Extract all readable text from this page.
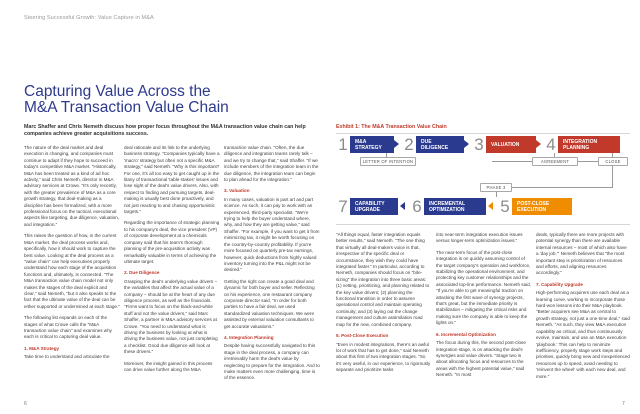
Steering Successful Growth: Value Capture in M&A
Capturing Value Across the
M&A Transaction Value Chain
Marc Shaffer and Chris Nemeth discuss how proper focus throughout the M&A transaction value chain can help companies achieve greater acquisitions success.

The nature of the deal market and deal execution is changing, and companies must continue to adapt if they hope to succeed in today's competitive M&A market. "Historically, M&A has been treated as a kind of ad hoc activity," said Chris Nemeth, director in M&A advisory services at Crowe. "It's only recently, with the greater prevalence of M&A as a core growth strategy, that deal-making as a discipline has been formalized, with a more professional focus on the tactical, executional aspects like targeting, due diligence, valuation, and integration."

This raises the question of how, in the current M&A market, the deal process works and, specifically, how it should work to capture the best value. Looking at the deal process as a "value chain" can help executives properly understand how each stage of the acquisition functions and, ultimately, is connected. "The M&A transaction value chain model not only makes the stages of the deal explicit and clear," said Nemeth, "but it also speaks to the fact that the ultimate value of the deal can be either supported or undermined at each stage."

The following list expands on each of the stages of what Crowe calls the "M&A transaction value chain" and examines why each is critical to capturing deal value.

1. M&A Strategy

Take time to understand and articulate the

deal rationale and its link to the underlying business strategy. "Companies typically have a 'macro' strategy but often not a specific M&A strategy," said Nemeth. "Why is this important? For one, it's all too easy to get caught up in the litany of transactional 'table stakes' issues and lose sight of the deal's value drivers. Also, with respect to finding and pursuing targets, deal-making is usually best done proactively, and not just reacting to and chasing opportunistic targets."

Regarding the importance of strategic planning to his company's deal, the vice president (VP) of corporate development at a chemicals company said that his team's thorough planning of the pre-acquisition activity was remarkably valuable in terms of achieving the ultimate target.

2. Due Diligence

Grasping the deal's underlying value drivers – the variables that affect the actual value of a company – should be at the heart of any due diligence process, as well as the financials. "Firms want to focus on the black-and-white stuff and not the value drivers," said Marc Shaffer, a partner in M&A advisory services at Crowe. "You need to understand what is driving the business by looking at what is driving the business value, not just completing a checklist. Good due diligence will look at these drivers."

Moreover, the insight gained in this process can drive value further along the M&A

transaction value chain. "Often, the due diligence and integration teams rarely talk – and we try to change that," said Shaffer. "If we include members of the integration team in the due diligence, the integration team can begin to plan ahead for the integration."

3. Valuation

In many cases, valuation is part art and part science. As such, it can pay to work with an experienced, third-party specialist. "We're trying to help the buyer understand where, why, and how they are getting value," said Shaffer. "For example, if you want to get it from minimizing tax, it might be worth focusing on the country-by-country profitability. If you're more focused on quarterly pre-tax earnings, however, quick deductions from highly valued inventory turning into the P&L might not be desired."

Getting the right can create a good deal and dynamic for both buyer and seller. Reflecting on his experience, one restaurant company corporate director said, "In order for both parties to have a fair deal, we used standardized valuation techniques. We were assisted by external valuation consultants to get accurate valuations."

4. Integration Planning

Despite having successfully navigated to this stage in the deal process, a company can irretrievably harm the deal's value by neglecting to prepare for the integration. And to make matters even more challenging, time is of the essence.

"All things equal, faster integration equals better results," said Nemeth. "The one thing that virtually all deal-makers voice is that, irrespective of the specific deal or circumstance, they wish they could have integrated faster." In particular, according to Nemeth, companies should focus on "bite-sizing" the integration into three basic areas: (1) vetting, prioritizing, and planning related to the key value drivers; (2) planning the functional transition in order to assume operational control and maintain operating continuity; and (3) laying out the change management and culture assimilation road map for the new, combined company.

5. Post-Close Execution

"Even in modest integrations, there's an awful lot of work that has to get done," said Nemeth about this first of two integration stages. "So it's very useful, in our experience, to rigorously separate and prioritize tasks

into near-term integration execution issues versus longer-term optimization issues."

The near-term focus of the post-close integration is on quickly assuming control of the target company's operation and workforce, stabilizing the operational environment, and protecting key customer relationships and the associated top-line performance. Nemeth said, "If you're able to get meaningful traction on attacking the first wave of synergy projects, that's great, but the immediate priority is stabilization – mitigating the critical risks and making sure the company is able to keep the lights on."

6. Incremental Optimization

The focus during this, the second post-close integration stage, is on attacking the deal's synergies and value drivers. "Stage two is about allocating focus and resources to the areas with the highest potential value," said Nemeth. "In most

deals, typically there are more projects with potential synergy than there are available internal resources – most of which also have a 'day job.'" Nemeth believes that "the most important step is prioritization of resources and efforts, and aligning resources accordingly."

7. Capability Upgrade

High-performing acquirers use each deal as a learning curve, working to incorporate those hard-won lessons into their M&A playbook. "Better acquirers see M&A as central to growth strategy, not just a one-time deal," said Nemeth. "As such, they view M&A execution capability as critical, and thus continuously evolve, maintain, and use an M&A execution 'playbook.' This can help to minimize inefficiency, properly stage work steps and priorities, quickly bring new and inexperienced resources up to speed, avoid needing to 'reinvent the wheel' with each new deal, and more."

Exhibit 1: The M&A Transaction Value Chain
1	M&A
STRATEGY 2	DUE
DILIGENCE 3	VALUATION 4	INTEGRATION
PLANNING
LETTER OF INTENTION	AGREEMENT	CLOSE
PHASE 3
7	CAPABILITY
UPGRADE 6	INCREMENTAL
OPTIMIZATION 5	POST-CLOSE
EXECUTION
6	7
